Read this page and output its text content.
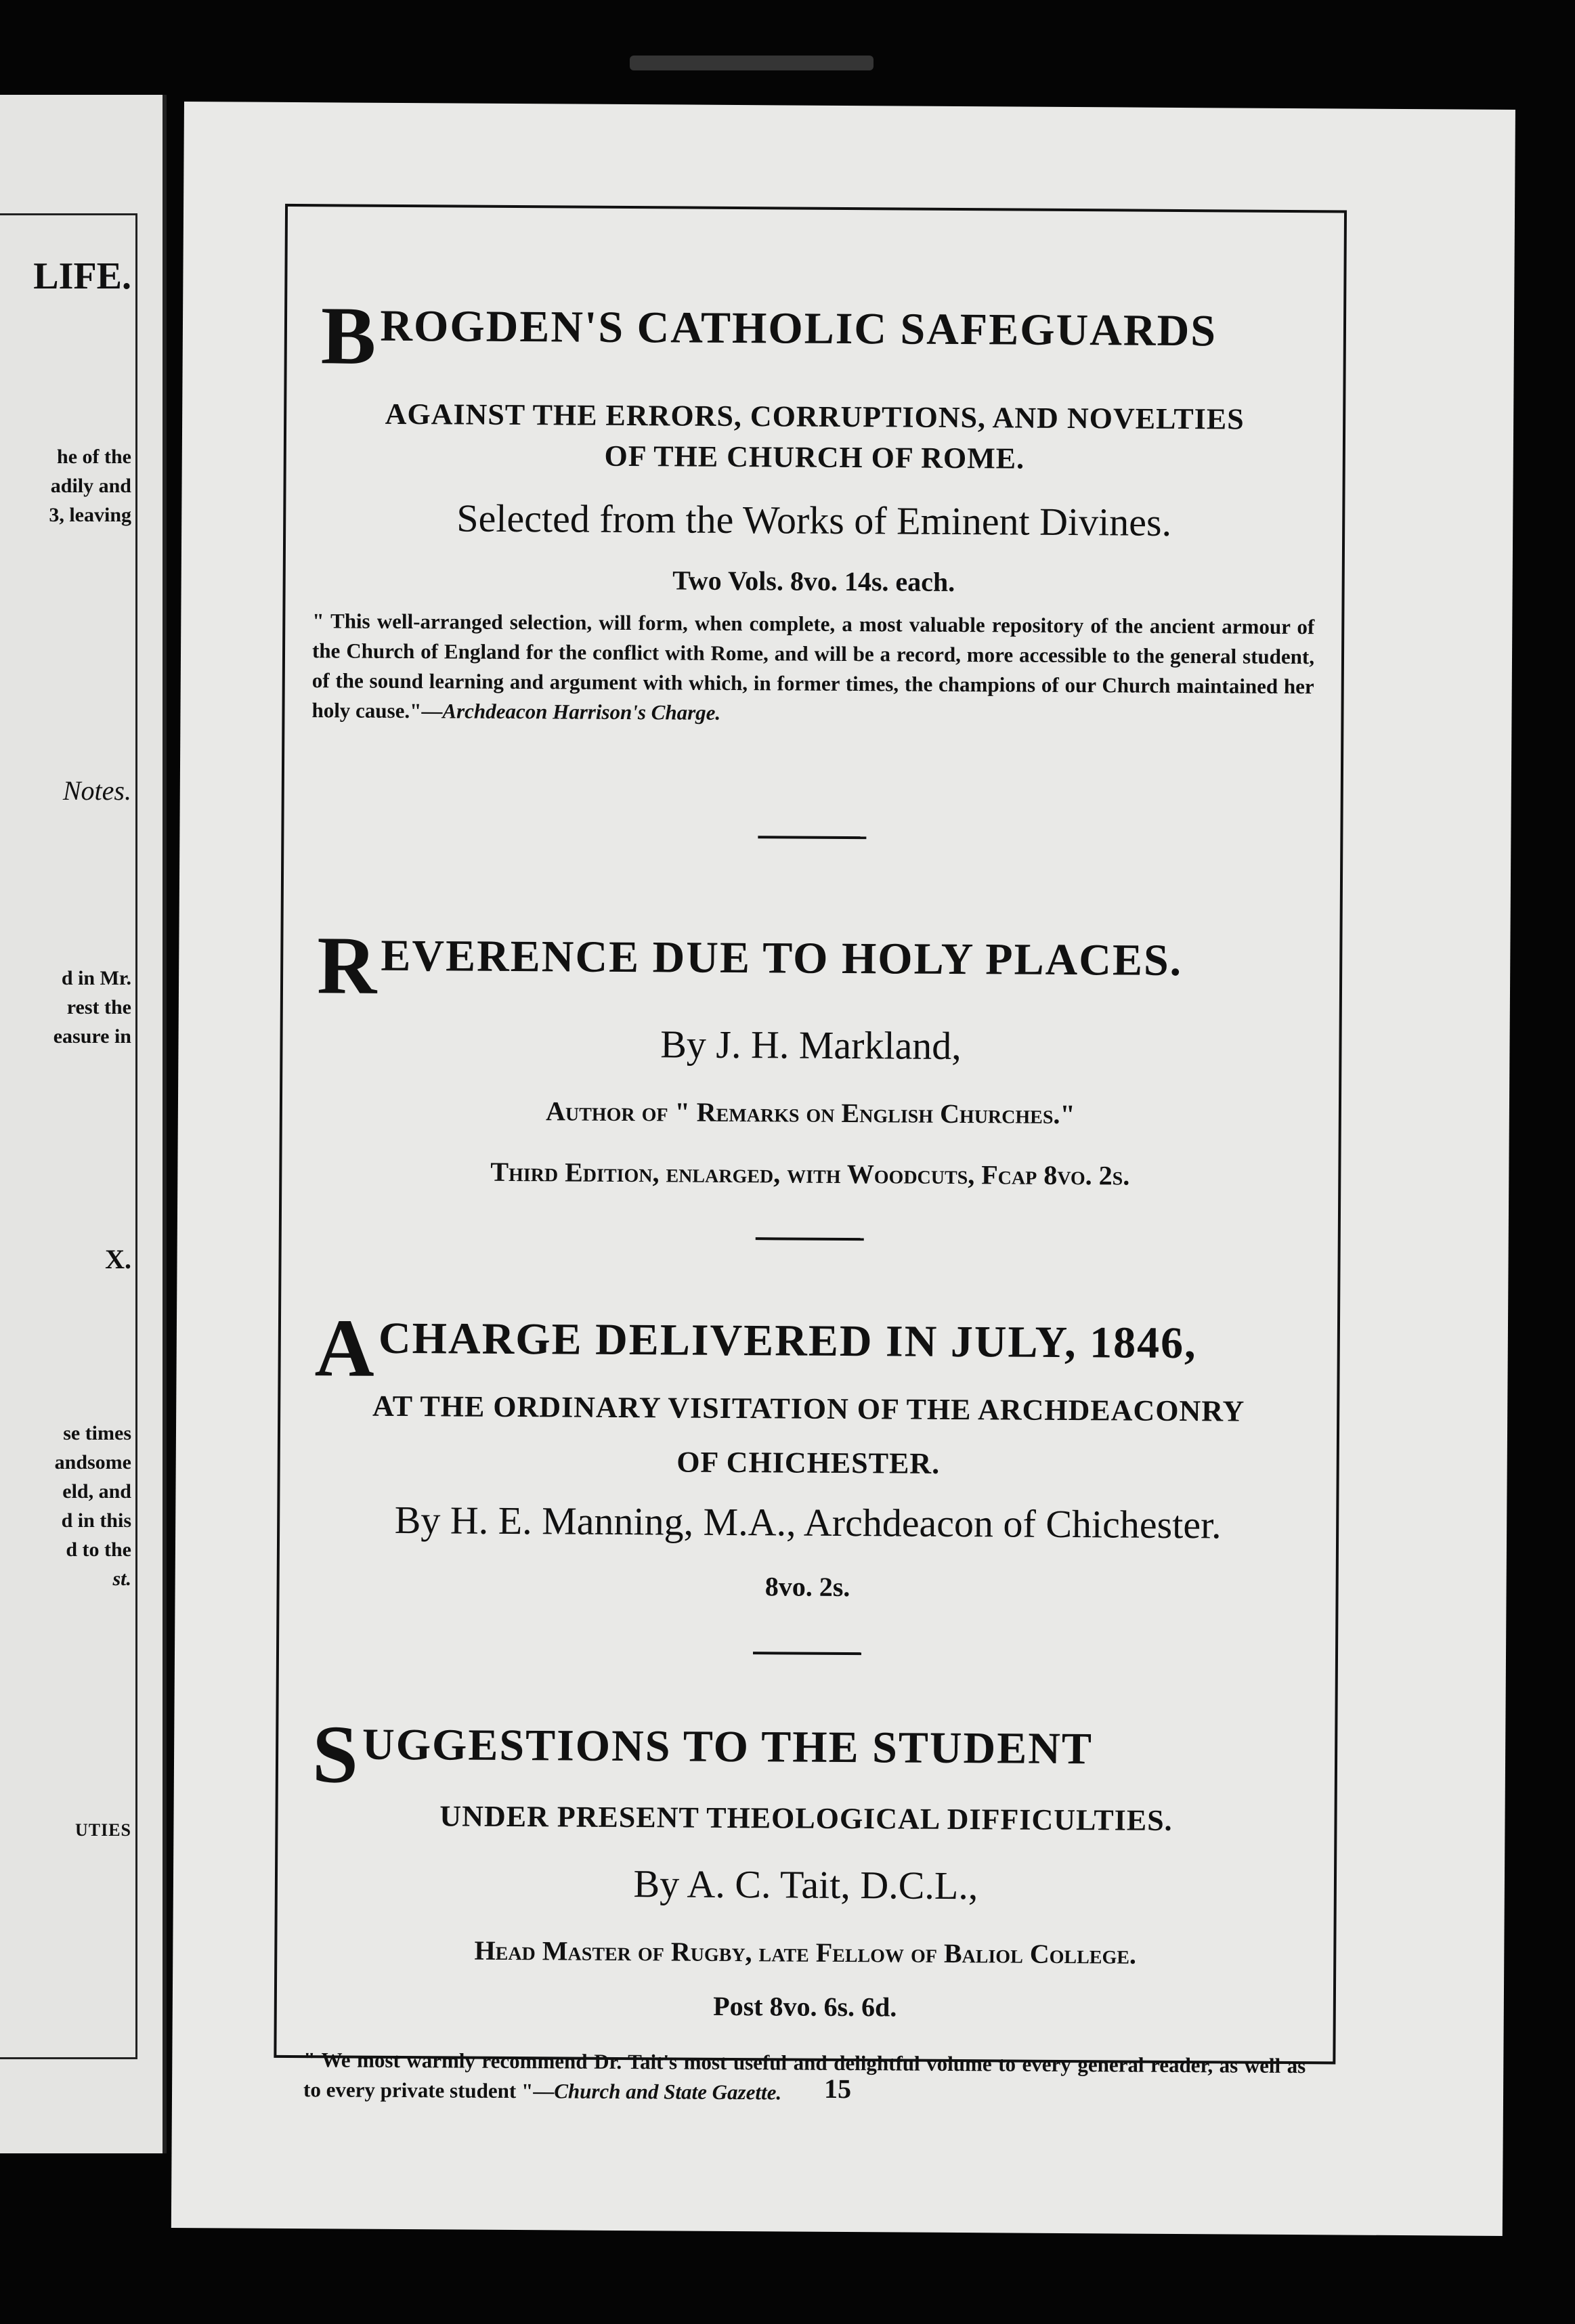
LIFE.
he of the
adily and
3, leaving
Notes.
d in Mr.
rest the
easure in
X.
se times
andsome
eld, and
d in this
d to the
st.
UTIES
BROGDEN'S CATHOLIC SAFEGUARDS
AGAINST THE ERRORS, CORRUPTIONS, AND NOVELTIES
OF THE CHURCH OF ROME.
Selected from the Works of Eminent Divines.
Two Vols. 8vo. 14s. each.
" This well-arranged selection, will form, when complete, a most valuable repository of the ancient armour of the Church of England for the conflict with Rome, and will be a record, more accessible to the general student, of the sound learning and argument with which, in former times, the champions of our Church maintained her holy cause."—Archdeacon Harrison's Charge.
REVERENCE DUE TO HOLY PLACES.
By J. H. Markland,
Author of " Remarks on English Churches."
Third Edition, enlarged, with Woodcuts, Fcap 8vo. 2s.
ACHARGE DELIVERED IN JULY, 1846,
AT THE ORDINARY VISITATION OF THE ARCHDEACONRY
OF CHICHESTER.
By H. E. Manning, M.A., Archdeacon of Chichester.
8vo. 2s.
SUGGESTIONS TO THE STUDENT
UNDER PRESENT THEOLOGICAL DIFFICULTIES.
By A. C. Tait, D.C.L.,
Head Master of Rugby, late Fellow of Baliol College.
Post 8vo. 6s. 6d.
" We most warmly recommend Dr. Tait's most useful and delightful volume to every general reader, as well as to every private student "—Church and State Gazette.	15
